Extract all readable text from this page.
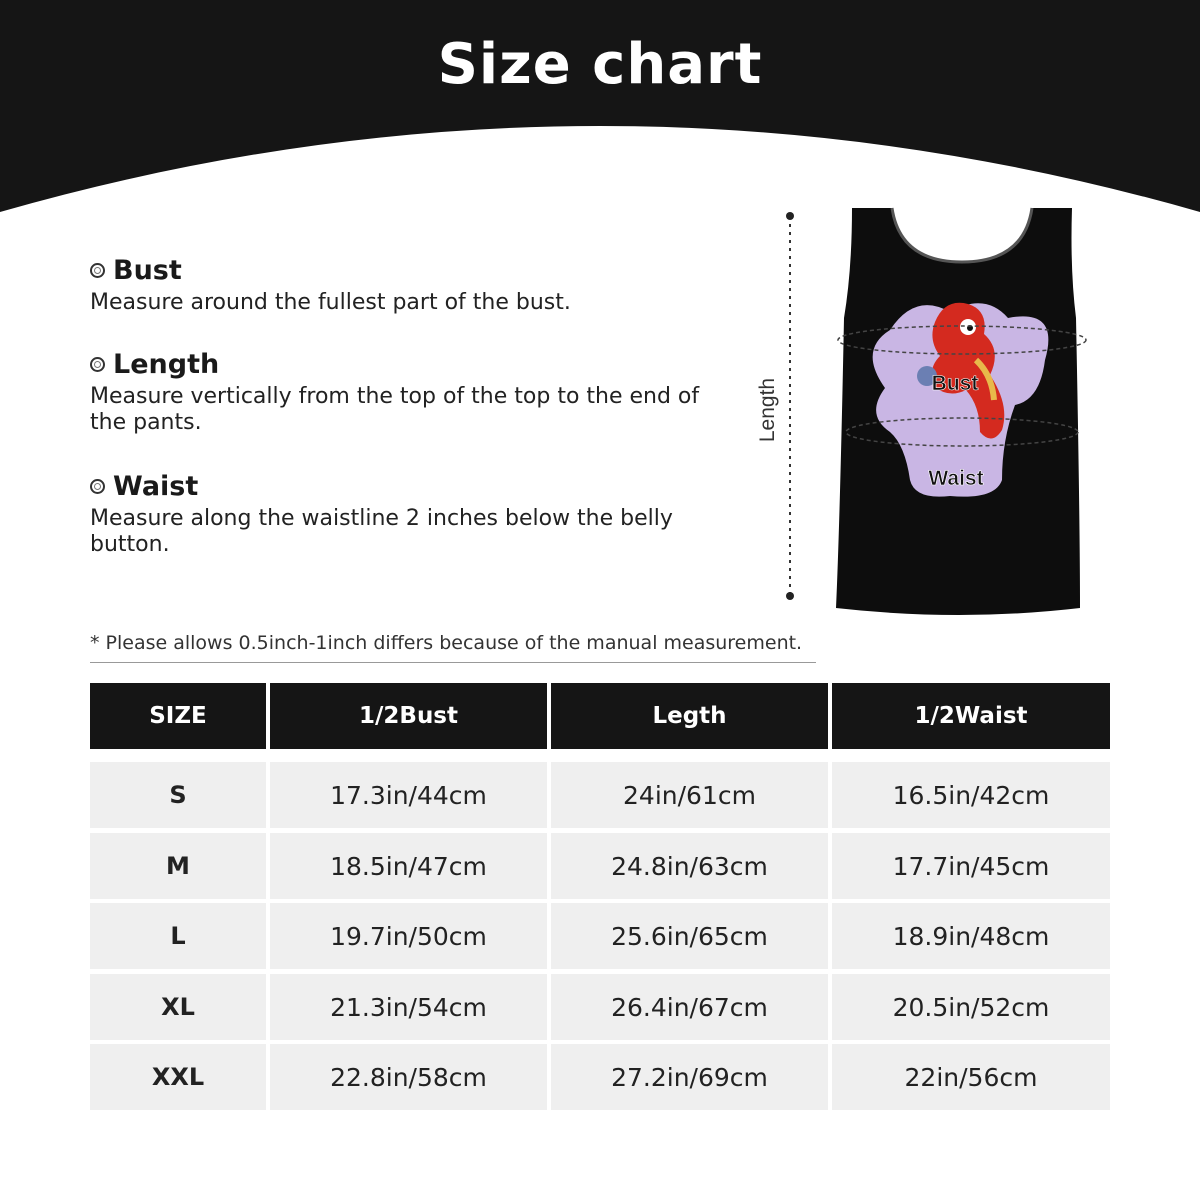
Size chart
Bust
Measure around the fullest part of the bust.
Length
Measure vertically from the top of the top to the end of the pants.
Waist
Measure along the waistline 2 inches below the belly button.
Length	Bust
Waist
* Please allows 0.5inch-1inch differs because of the manual measurement.
SIZE	1/2Bust	Legth	1/2Waist
S	17.3in/44cm	24in/61cm	16.5in/42cm
M	18.5in/47cm	24.8in/63cm	17.7in/45cm
L	19.7in/50cm	25.6in/65cm	18.9in/48cm
XL	21.3in/54cm	26.4in/67cm	20.5in/52cm
XXL	22.8in/58cm	27.2in/69cm	22in/56cm
